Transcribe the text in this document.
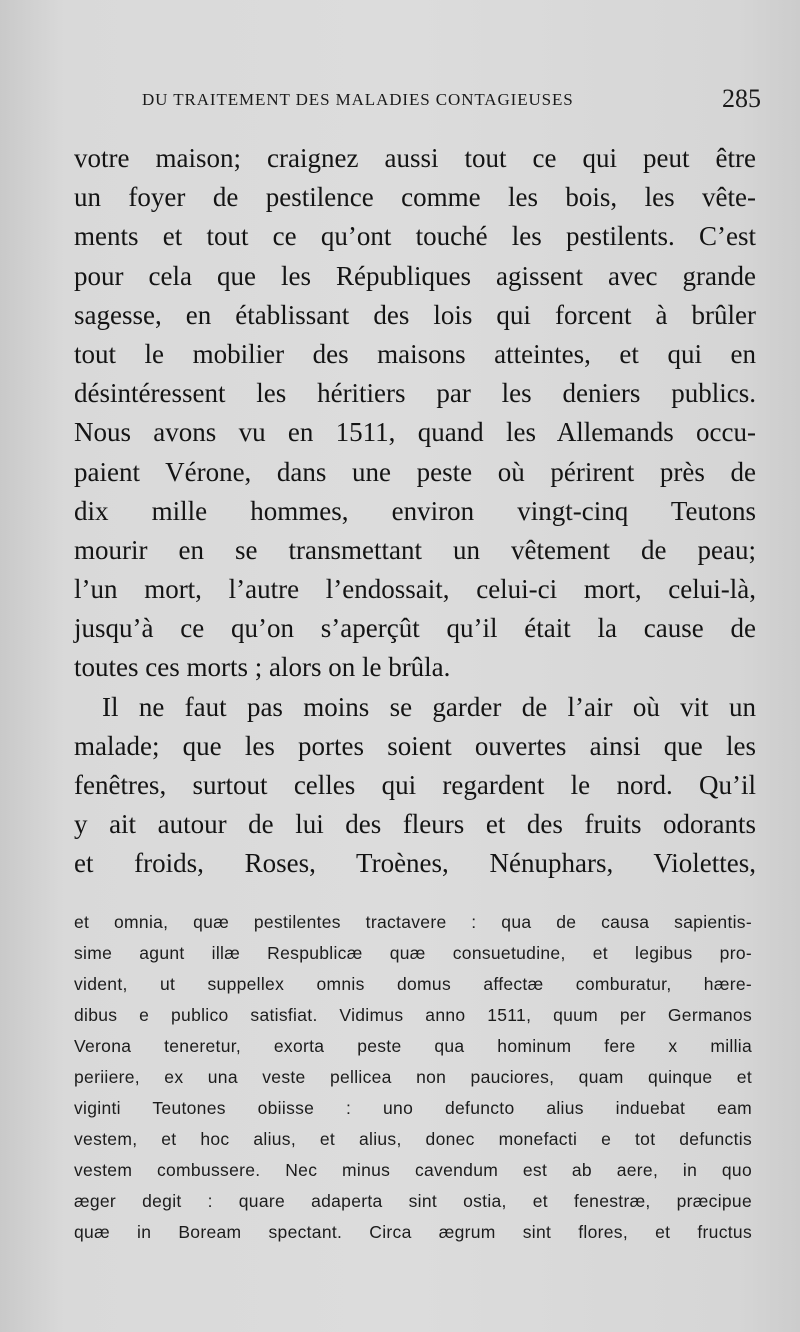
DU TRAITEMENT DES MALADIES CONTAGIEUSES	285
votre maison; craignez aussi tout ce qui peut être
un foyer de pestilence comme les bois, les vête-
ments et tout ce qu’ont touché les pestilents. C’est
pour cela que les Républiques agissent avec grande
sagesse, en établissant des lois qui forcent à brûler
tout le mobilier des maisons atteintes, et qui en
désintéressent les héritiers par les deniers publics.
Nous avons vu en 1511, quand les Allemands occu-
paient Vérone, dans une peste où périrent près de
dix mille hommes, environ vingt-cinq Teutons
mourir en se transmettant un vêtement de peau;
l’un mort, l’autre l’endossait, celui-ci mort, celui-là,
jusqu’à ce qu’on s’aperçût qu’il était la cause de
toutes ces morts ; alors on le brûla.
Il ne faut pas moins se garder de l’air où vit un
malade; que les portes soient ouvertes ainsi que les
fenêtres, surtout celles qui regardent le nord. Qu’il
y ait autour de lui des fleurs et des fruits odorants
et froids, Roses, Troènes, Nénuphars, Violettes,
et omnia, quæ pestilentes tractavere : qua de causa sapientis-
sime agunt illæ Respublicæ quæ consuetudine, et legibus pro-
vident, ut suppellex omnis domus affectæ comburatur, hære-
dibus e publico satisfiat. Vidimus anno 1511, quum per Germanos
Verona teneretur, exorta peste qua hominum fere x millia
periiere, ex una veste pellicea non pauciores, quam quinque et
viginti Teutones obiisse : uno defuncto alius induebat eam
vestem, et hoc alius, et alius, donec monefacti e tot defunctis
vestem combussere. Nec minus cavendum est ab aere, in quo
æger degit : quare adaperta sint ostia, et fenestræ, præcipue
quæ in Boream spectant. Circa ægrum sint flores, et fructus
